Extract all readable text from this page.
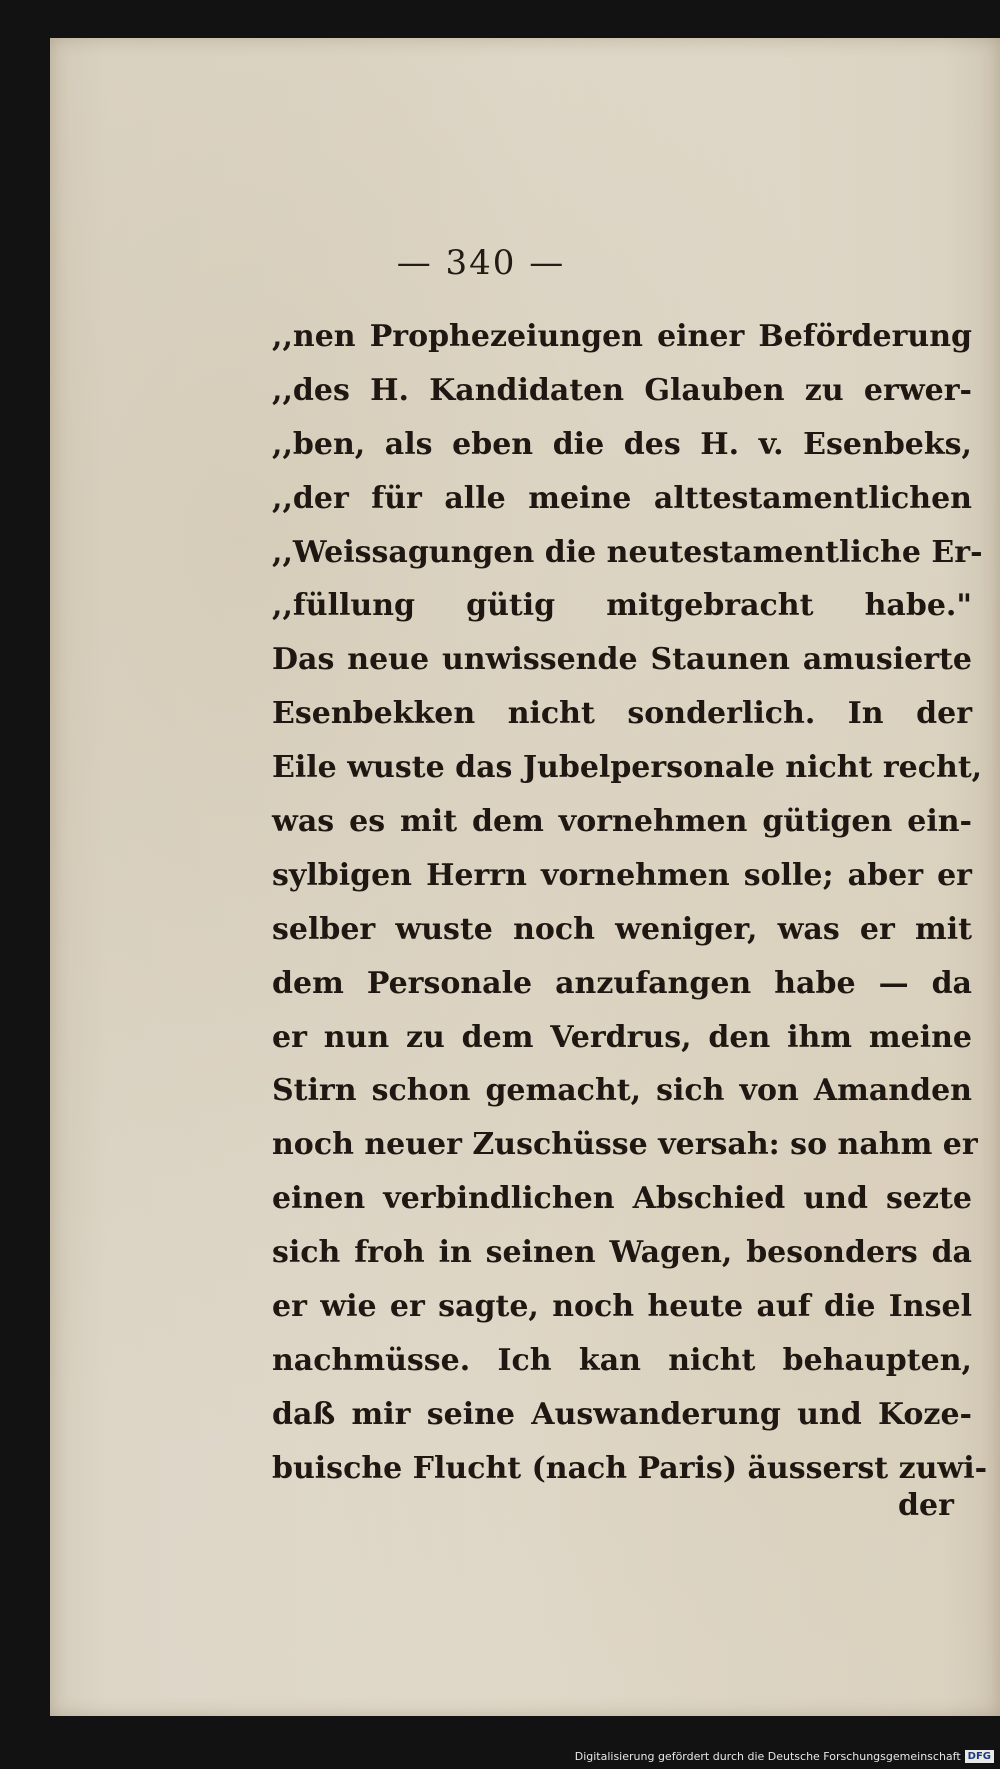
— 340 —
,,nen Prophezeiungen einer Beförderung
,,des H. Kandidaten Glauben zu erwer-
,,ben, als eben die des H. v. Esenbeks,
,,der für alle meine alttestamentlichen
,,Weissagungen die neutestamentliche Er-
,,füllung gütig mitgebracht habe."
Das neue unwissende Staunen amusierte
Esenbekken nicht sonderlich. In der
Eile wuste das Jubelpersonale nicht recht,
was es mit dem vornehmen gütigen ein-
sylbigen Herrn vornehmen solle; aber er
selber wuste noch weniger, was er mit
dem Personale anzufangen habe — da
er nun zu dem Verdrus, den ihm meine
Stirn schon gemacht, sich von Amanden
noch neuer Zuschüsse versah: so nahm er
einen verbindlichen Abschied und sezte
sich froh in seinen Wagen, besonders da
er wie er sagte, noch heute auf die Insel
nachmüsse. Ich kan nicht behaupten,
daß mir seine Auswanderung und Koze-
buische Flucht (nach Paris) äusserst zuwi-
der
Digitalisierung gefördert durch die Deutsche Forschungsgemeinschaft DFG
